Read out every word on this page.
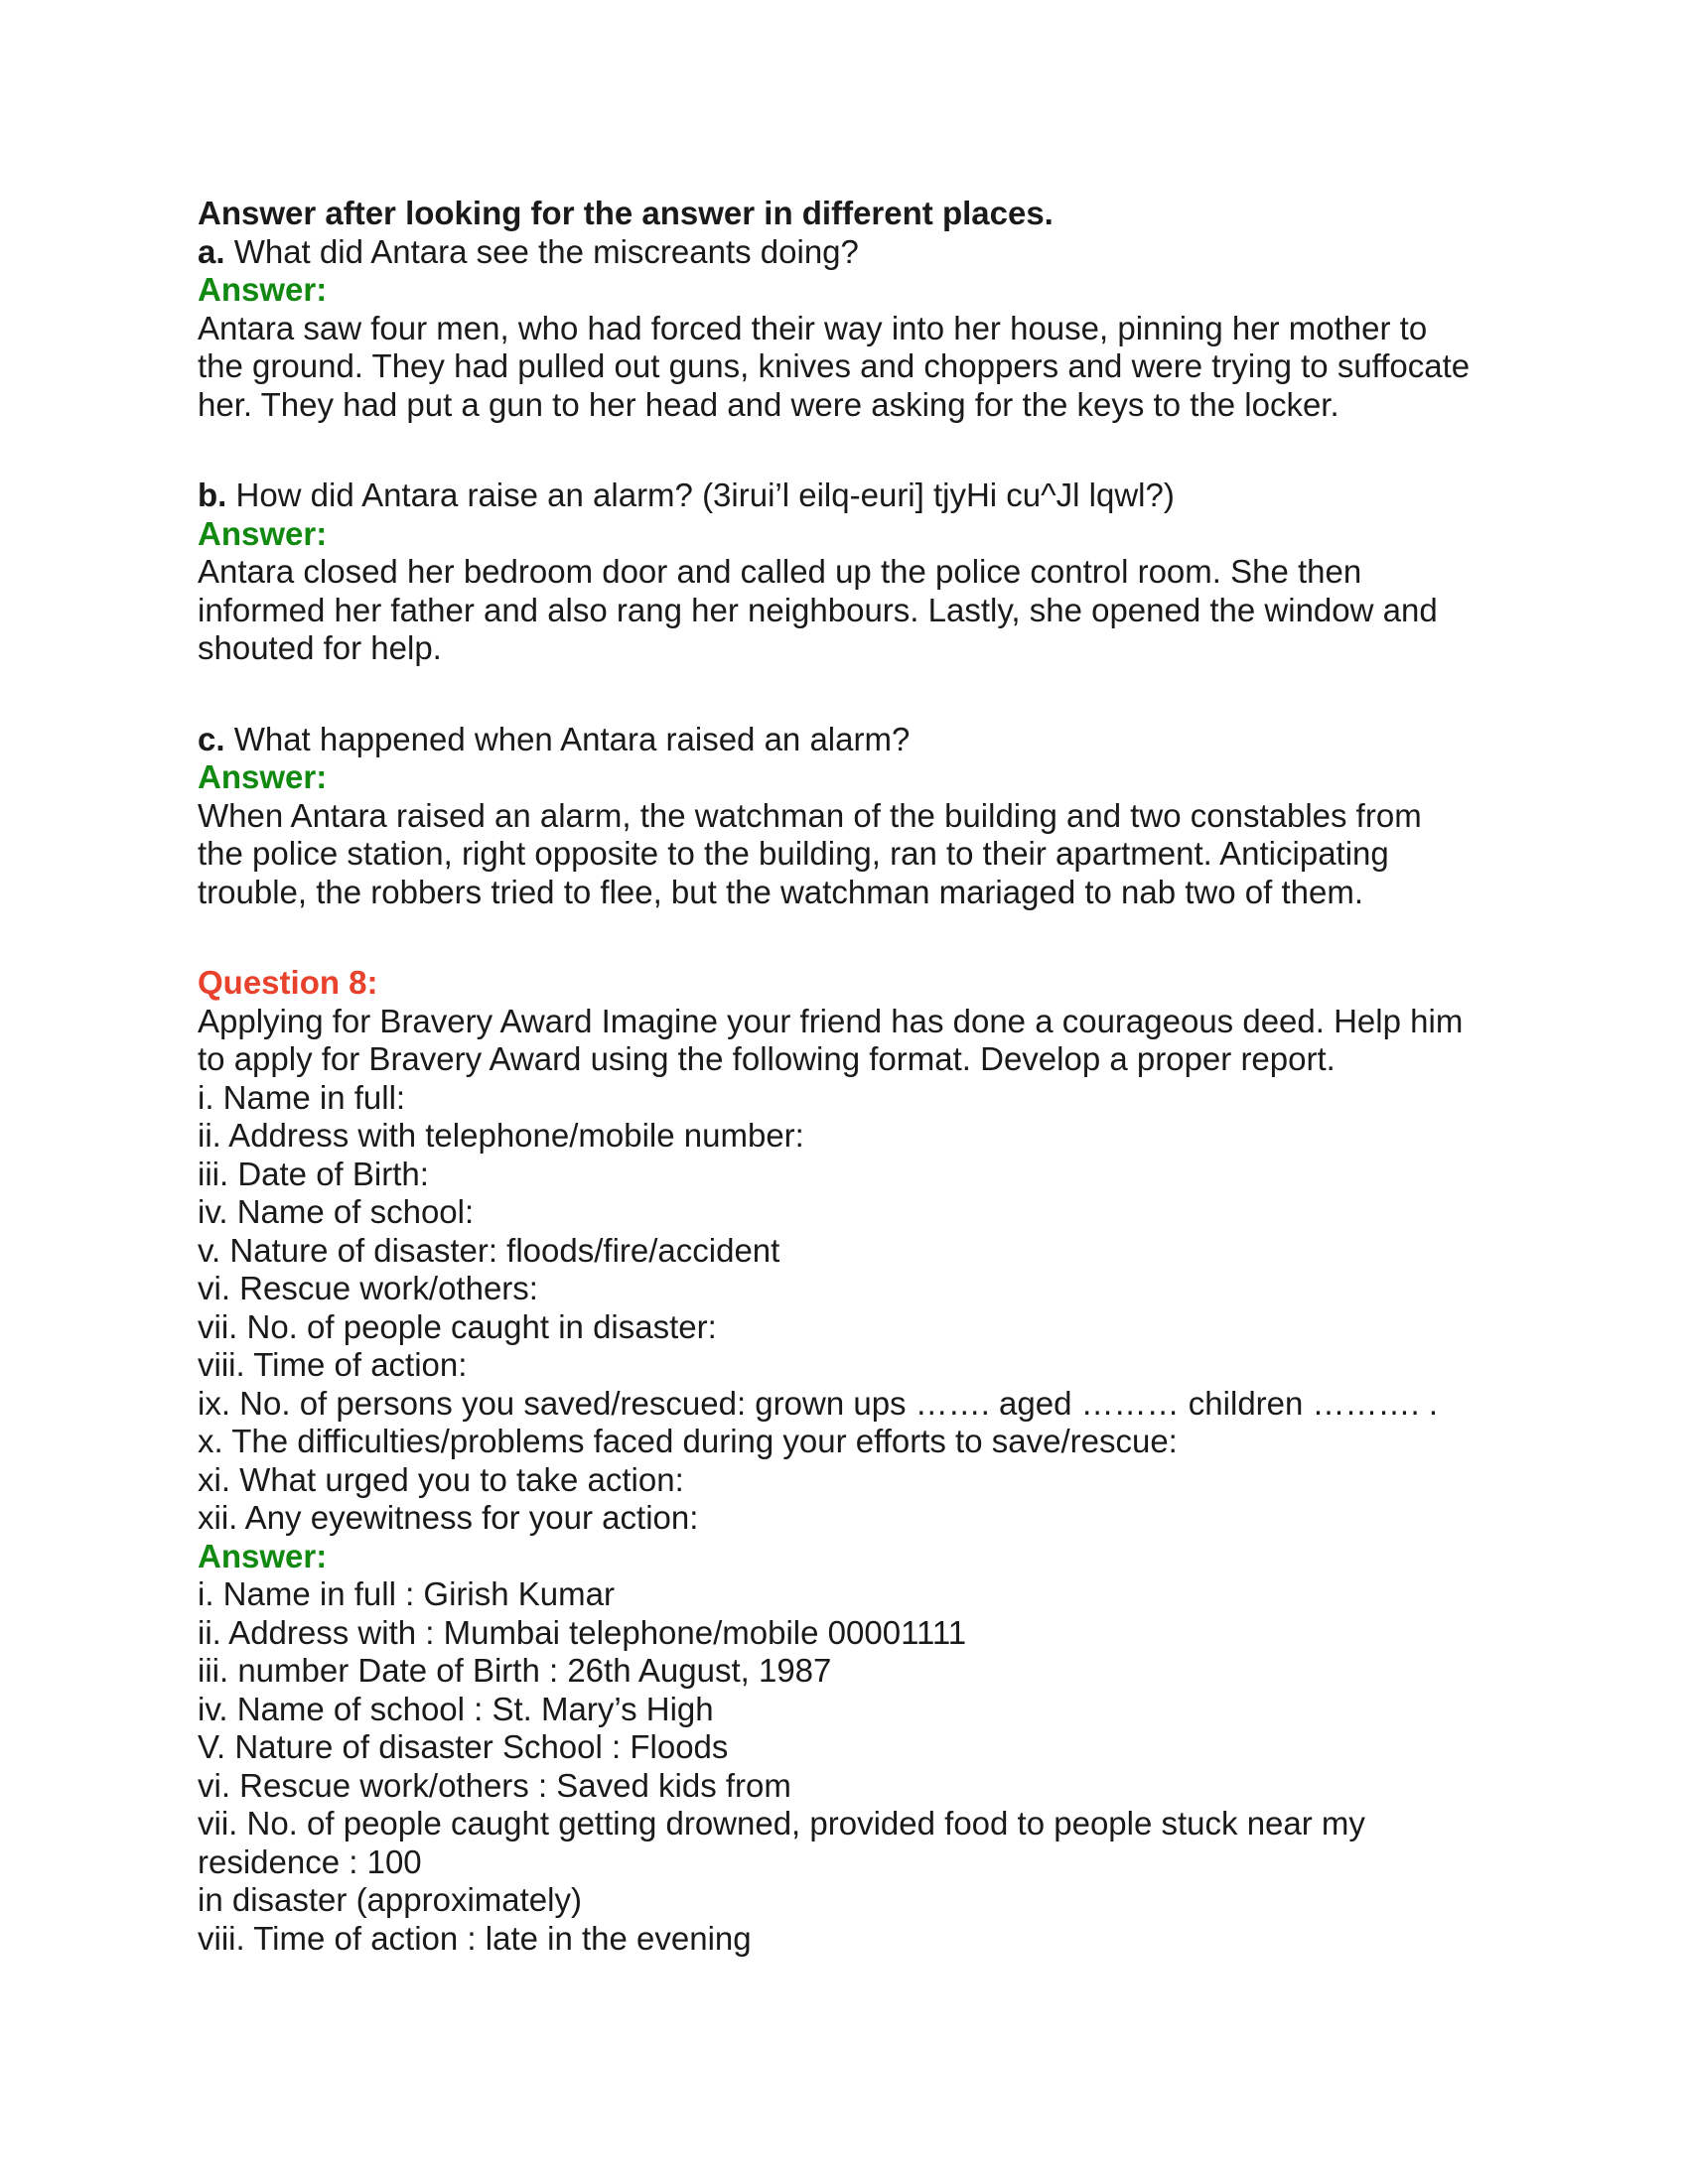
Answer after looking for the answer in different places.

a. What did Antara see the miscreants doing?

Answer:

Antara saw four men, who had forced their way into her house, pinning her mother to

the ground. They had pulled out guns, knives and choppers and were trying to suffocate

her. They had put a gun to her head and were asking for the keys to the locker.

b. How did Antara raise an alarm? (3irui’l eilq-euri] tjyHi cu^Jl lqwl?)

Answer:

Antara closed her bedroom door and called up the police control room. She then

informed her father and also rang her neighbours. Lastly, she opened the window and

shouted for help.

c. What happened when Antara raised an alarm?

Answer:

When Antara raised an alarm, the watchman of the building and two constables from

the police station, right opposite to the building, ran to their apartment. Anticipating

trouble, the robbers tried to flee, but the watchman mariaged to nab two of them.

Question 8:

Applying for Bravery Award Imagine your friend has done a courageous deed. Help him

to apply for Bravery Award using the following format. Develop a proper report.

i. Name in full:

ii. Address with telephone/mobile number:

iii. Date of Birth:

iv. Name of school:

v. Nature of disaster: floods/fire/accident

vi. Rescue work/others:

vii. No. of people caught in disaster:

viii. Time of action:

ix. No. of persons you saved/rescued: grown ups ……. aged ……… children ………. .

x. The difficulties/problems faced during your efforts to save/rescue:

xi. What urged you to take action:

xii. Any eyewitness for your action:

Answer:

i. Name in full : Girish Kumar

ii. Address with : Mumbai telephone/mobile 00001111

iii. number Date of Birth : 26th August, 1987

iv. Name of school : St. Mary’s High

V. Nature of disaster School : Floods

vi. Rescue work/others : Saved kids from

vii. No. of people caught getting drowned, provided food to people stuck near my

residence : 100

in disaster (approximately)

viii. Time of action : late in the evening
